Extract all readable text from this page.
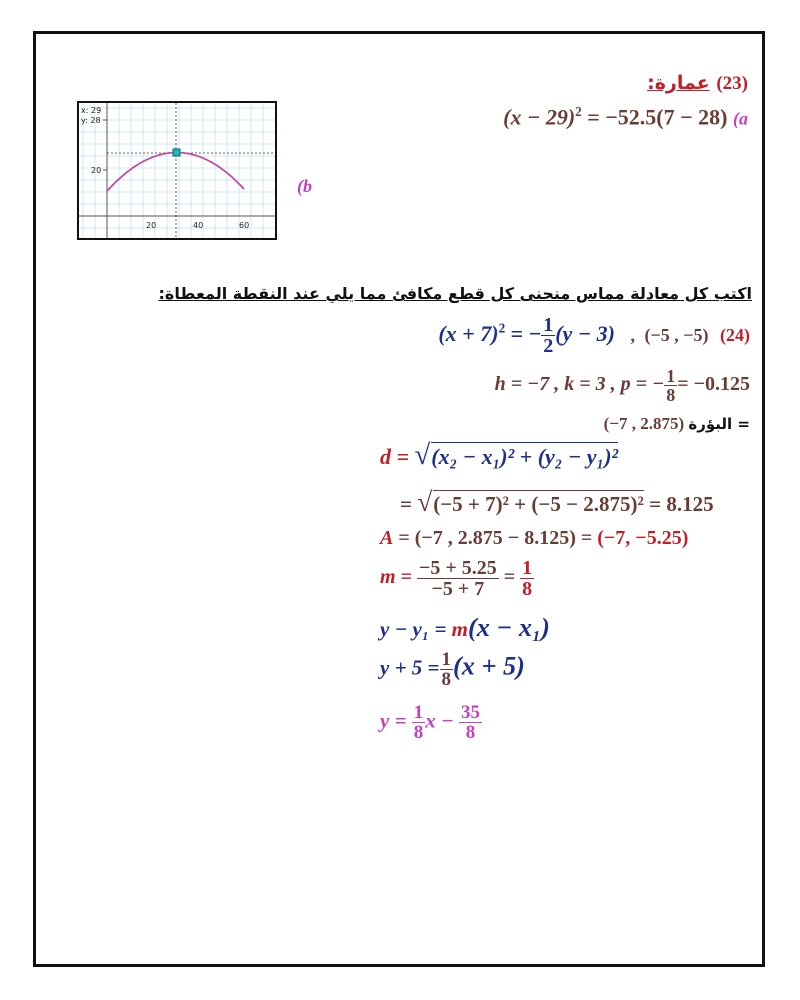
(23) عمارة:
$(x - 29)^2 = -52.5(7 - 28)$ (a
(b
x: 29
y: 28
20
20	40	60
اكتب كل معادلة مماس منحنى كل قطع مكافئ مما يلي عند النقطة المعطاة:
$(x + 7)^2$ = − $\frac{1}{2} (y - 3)$ , (−5 , −5) (24)
h = −7 , k = 3 , p = − $\frac{1}{8} = -0.125$
(−7 , 2.875) البؤرة =
d = √(x₂ − x₁)² + (y₂ − y₁)²
= √(−5 + 7)² + (−5 − 2.875)² = 8.125
A = (−7 , 2.875 − 8.125) = (−7, −5.25)
$m = \frac{-5 + 5.25}{-5 + 7} = \frac{1}{8}$
y − y₁ = m(x − x₁)
$y + 5 = \frac{1}{8} (x + 5)$
$y = \frac{1}{8}$ $x - \frac{35}{8}$
